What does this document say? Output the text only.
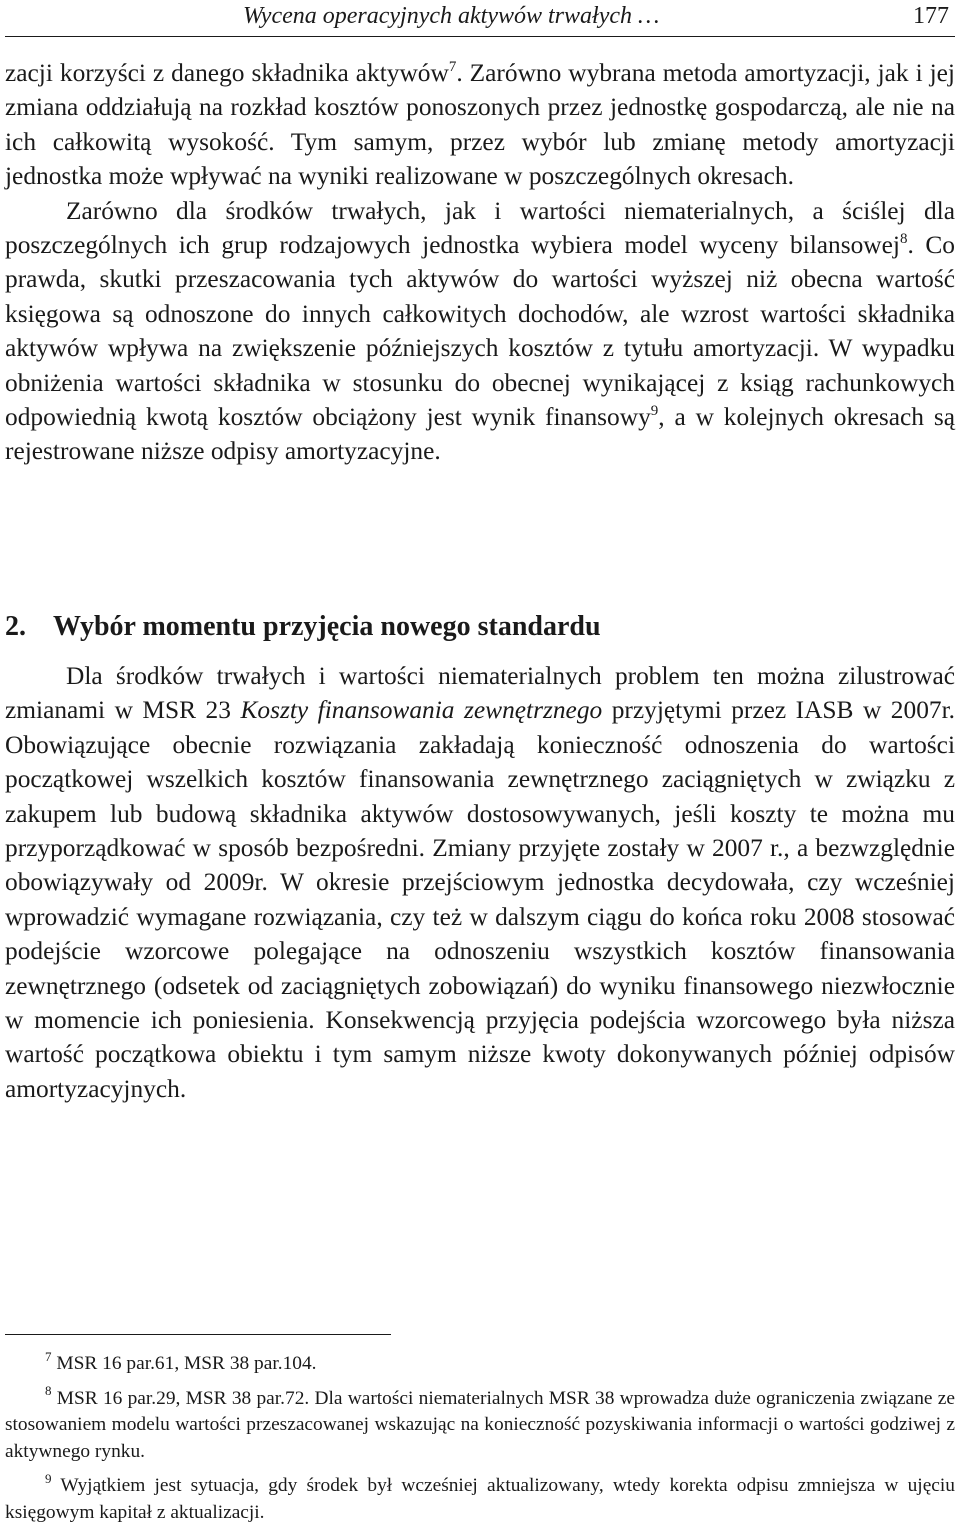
Wycena operacyjnych aktywów trwałych …	177

zacji korzyści z danego składnika aktywów$^7$. Zarówno wybrana metoda amortyzacji, jak i jej zmiana oddziałują na rozkład kosztów ponoszonych przez jednostkę gospodarczą, ale nie na ich całkowitą wysokość. Tym samym, przez wybór lub zmianę metody amortyzacji jednostka może wpływać na wyniki realizowane w poszczególnych okresach.

Zarówno dla środków trwałych, jak i wartości niematerialnych, a ściślej dla poszczególnych ich grup rodzajowych jednostka wybiera model wyceny bilansowej$^8$. Co prawda, skutki przeszacowania tych aktywów do wartości wyższej niż obecna wartość księgowa są odnoszone do innych całkowitych dochodów, ale wzrost wartości składnika aktywów wpływa na zwiększenie późniejszych kosztów z tytułu amortyzacji. W wypadku obniżenia wartości składnika w stosunku do obecnej wynikającej z ksiąg rachunkowych odpowiednią kwotą kosztów obciążony jest wynik finansowy$^9$, a w kolejnych okresach są rejestrowane niższe odpisy amortyzacyjne.

2. Wybór momentu przyjęcia nowego standardu

Dla środków trwałych i wartości niematerialnych problem ten można zilustrować zmianami w MSR 23 Koszty finansowania zewnętrznego przyjętymi przez IASB w 2007r. Obowiązujące obecnie rozwiązania zakładają konieczność odnoszenia do wartości początkowej wszelkich kosztów finansowania zewnętrznego zaciągniętych w związku z zakupem lub budową składnika aktywów dostosowywanych, jeśli koszty te można mu przyporządkować w sposób bezpośredni. Zmiany przyjęte zostały w 2007 r., a bezwzględnie obowiązywały od 2009r. W okresie przejściowym jednostka decydowała, czy wcześniej wprowadzić wymagane rozwiązania, czy też w dalszym ciągu do końca roku 2008 stosować podejście wzorcowe polegające na odnoszeniu wszystkich kosztów finansowania zewnętrznego (odsetek od zaciągniętych zobowiązań) do wyniku finansowego niezwłocznie w momencie ich poniesienia. Konsekwencją przyjęcia podejścia wzorcowego była niższa wartość początkowa obiektu i tym samym niższe kwoty dokonywanych później odpisów amortyzacyjnych.

$^7$ MSR 16 par.61, MSR 38 par.104.

$^8$ MSR 16 par.29, MSR 38 par.72. Dla wartości niematerialnych MSR 38 wprowadza duże ograniczenia związane ze stosowaniem modelu wartości przeszacowanej wskazując na konieczność pozyskiwania informacji o wartości godziwej z aktywnego rynku.

$^9$ Wyjątkiem jest sytuacja, gdy środek był wcześniej aktualizowany, wtedy korekta odpisu zmniejsza w ujęciu księgowym kapitał z aktualizacji.
